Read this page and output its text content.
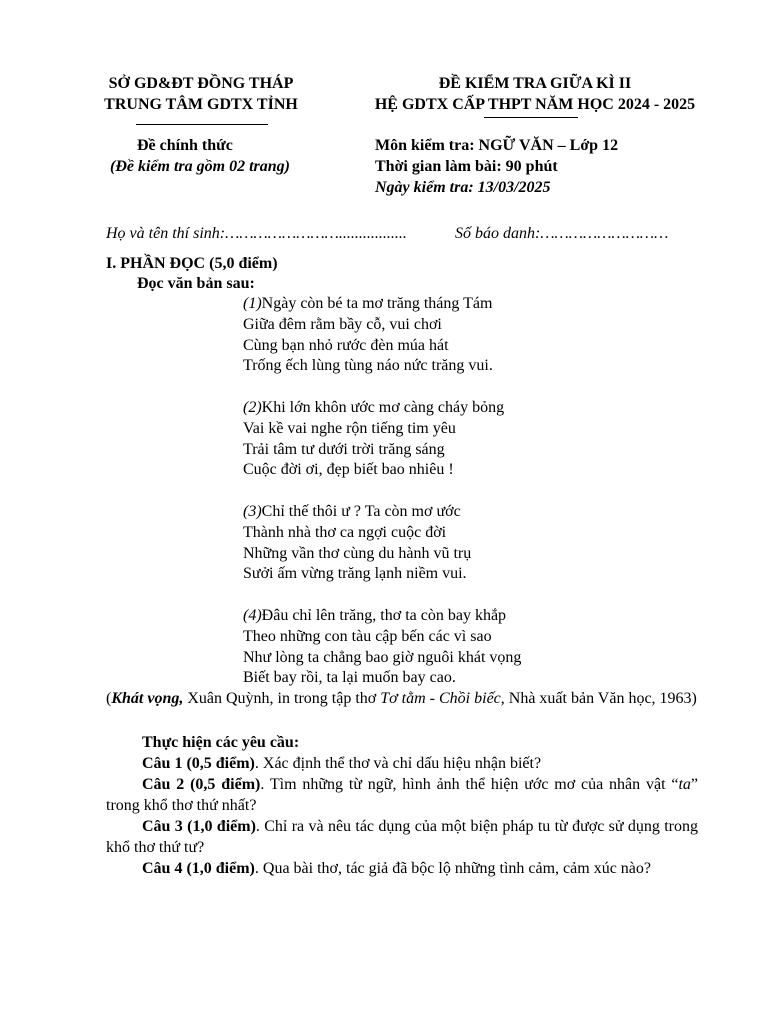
SỞ GD&ĐT ĐỒNG THÁP
TRUNG TÂM GDTX TỈNH
ĐỀ KIỂM TRA GIỮA KÌ II
HỆ GDTX CẤP THPT NĂM HỌC 2024 - 2025
Đề chính thức
(Đề kiểm tra gồm 02 trang)
Môn kiểm tra: NGỮ VĂN – Lớp 12
Thời gian làm bài: 90 phút
Ngày kiểm tra: 13/03/2025
Họ và tên thí sinh:…………………….................	Số báo danh:………………………
I. PHẦN ĐỌC (5,0 điểm)
Đọc văn bản sau:
(1)Ngày còn bé ta mơ trăng tháng Tám
Giữa đêm rằm bầy cỗ, vui chơi
Cùng bạn nhỏ rước đèn múa hát
Trống ếch lùng tùng náo nức trăng vui.
(2)Khi lớn khôn ước mơ càng cháy bỏng
Vai kề vai nghe rộn tiếng tim yêu
Trải tâm tư dưới trời trăng sáng
Cuộc đời ơi, đẹp biết bao nhiêu !
(3)Chỉ thế thôi ư ? Ta còn mơ ước
Thành nhà thơ ca ngợi cuộc đời
Những vần thơ cùng du hành vũ trụ
Sưởi ấm vừng trăng lạnh niềm vui.
(4)Đâu chỉ lên trăng, thơ ta còn bay khắp
Theo những con tàu cập bến các vì sao
Như lòng ta chẳng bao giờ nguôi khát vọng
Biết bay rồi, ta lại muốn bay cao.
(Khát vọng, Xuân Quỳnh, in trong tập thơ Tơ tằm - Chồi biếc, Nhà xuất bản Văn học, 1963)
Thực hiện các yêu cầu:
Câu 1 (0,5 điểm). Xác định thể thơ và chỉ dấu hiệu nhận biết?
Câu 2 (0,5 điểm). Tìm những từ ngữ, hình ảnh thể hiện ước mơ của nhân vật “ta” trong khổ thơ thứ nhất?
Câu 3 (1,0 điểm). Chỉ ra và nêu tác dụng của một biện pháp tu từ được sử dụng trong khổ thơ thứ tư?
Câu 4 (1,0 điểm). Qua bài thơ, tác giả đã bộc lộ những tình cảm, cảm xúc nào?
